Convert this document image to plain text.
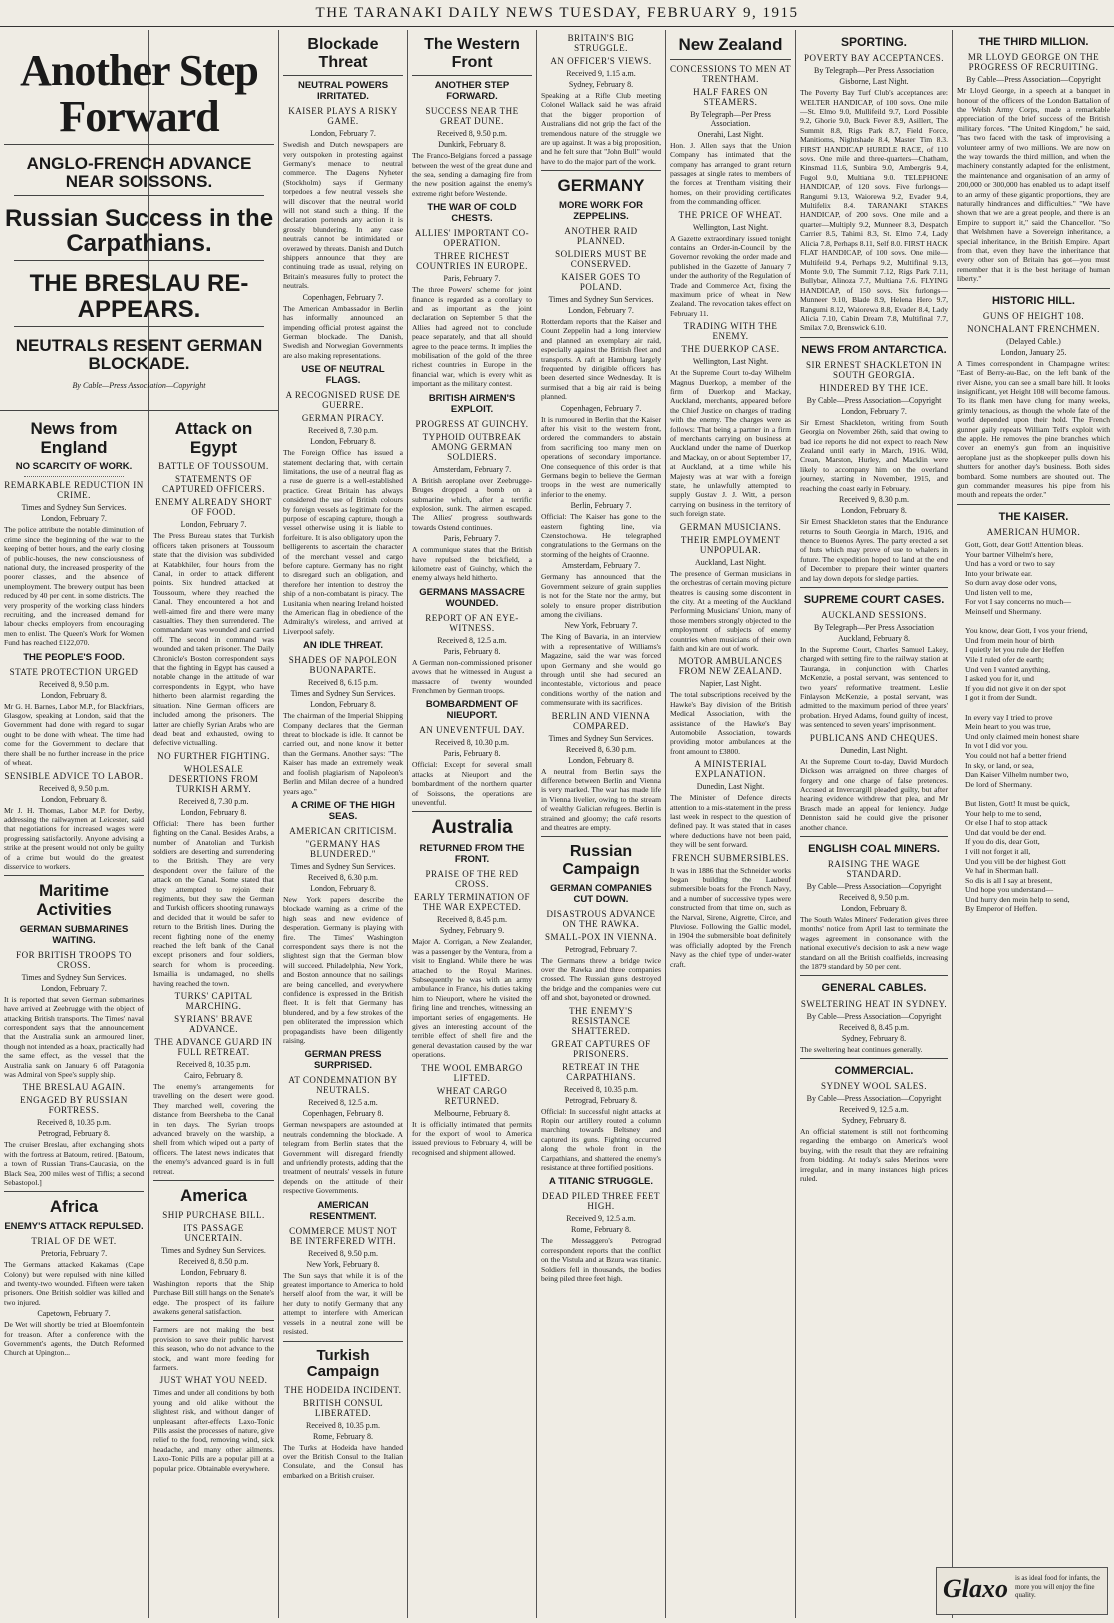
THE TARANAKI DAILY NEWS TUESDAY, FEBRUARY 9, 1915
Another Step Forward
ANGLO-FRENCH ADVANCE NEAR SOISSONS.
Russian Success in the Carpathians.
THE BRESLAU RE-APPEARS.
NEUTRALS RESENT GERMAN BLOCKADE.
By Cable—Press Association—Copyright
News from England
NO SCARCITY OF WORK.
REMARKABLE REDUCTION IN CRIME.
Times and Sydney Sun Services.
London, February 7.
The police attribute the notable diminution of crime since the beginning of the war to the keeping of better hours, and the early closing of public-houses, the new consciousness of national duty, the increased prosperity of the poorer classes, and the absence of unemployment. The brewery output has been reduced by 40 per cent. in some districts. The very prosperity of the working class hinders recruiting, and the increased demand for labour checks employers from encouraging men to enlist. The Queen's Work for Women Fund has reached £122,070.
THE PEOPLE'S FOOD.
STATE PROTECTION URGED
Received 8, 9.50 p.m.
London, February 8.
Mr G. H. Barnes, Labor M.P., for Blackfriars, Glasgow, speaking at London, said that the Government had done with regard to sugar ought to be done with wheat. The time had come for the Government to declare that there shall be no further increase in the price of wheat.
SENSIBLE ADVICE TO LABOR.
Received 8, 9.50 p.m.
London, February 8.
Mr J. H. Thomas, Labor M.P. for Derby, addressing the railwaymen at Leicester, said that negotiations for increased wages were progressing satisfactorily. Anyone advising a strike at the present would not only be guilty of a crime but would do the greatest disservice to workers.
Maritime Activities
GERMAN SUBMARINES WAITING.
FOR BRITISH TROOPS TO CROSS.
Times and Sydney Sun Services.
London, February 7.
It is reported that seven German submarines have arrived at Zeebrugge with the object of attacking British transports. The Times' naval correspondent says that the announcement that the Australia sunk an armoured liner, though not intended as a hoax, practically had the same effect, as the vessel that the Australia sank on January 6 off Patagonia was Admiral von Spee's supply ship.
THE BRESLAU AGAIN.
ENGAGED BY RUSSIAN FORTRESS.
Received 8, 10.35 p.m.
Petrograd, February 8.
The cruiser Breslau, after exchanging shots with the fortress at Batoum, retired. [Batoum, a town of Russian Trans-Caucasia, on the Black Sea, 200 miles west of Tiflis; a second Sebastopol.]
Africa
ENEMY'S ATTACK REPULSED.
TRIAL OF DE WET.
Pretoria, February 7.
The Germans attacked Kakamas (Cape Colony) but were repulsed with nine killed and twenty-two wounded. Fifteen were taken prisoners. One British soldier was killed and two injured.
Capetown, February 7.
De Wet will shortly be tried at Bloemfontein for treason. After a conference with the Government's agents, the Dutch Reformed Church at Upington...
Attack on Egypt
BATTLE OF TOUSSOUM.
STATEMENTS OF CAPTURED OFFICERS.
ENEMY ALREADY SHORT OF FOOD.
London, February 7.
The Press Bureau states that Turkish officers taken prisoners at Toussoum state that the division was subdivided at Katabkhiler, four hours from the Canal, in order to attack different points. Six hundred attacked at Toussoum, where they reached the Canal. They encountered a hot and well-aimed fire and there were many casualties. They then surrendered. The commandant was wounded and carried off. The second in command was wounded and taken prisoner. The Daily Chronicle's Boston correspondent says that the fighting in Egypt has caused a notable change in the attitude of war correspondents in Egypt, who have hitherto been alarmist regarding the situation. Nine German officers are included among the prisoners. The latter are chiefly Syrian Arabs who are dead beat and exhausted, owing to defective victualling.
NO FURTHER FIGHTING.
WHOLESALE DESERTIONS FROM TURKISH ARMY.
Received 8, 7.30 p.m.
London, February 8.
Official: There has been further fighting on the Canal. Besides Arabs, a number of Anatolian and Turkish soldiers are deserting and surrendering to the British. They are very despondent over the failure of the attack on the Canal. Some stated that they attempted to rejoin their regiments, but they saw the German and Turkish officers shooting runaways and decided that it would be safer to return to the British lines. During the recent fighting none of the enemy reached the left bank of the Canal except prisoners and four soldiers, search for whom is proceeding. Ismailia is undamaged, no shells having reached the town.
TURKS' CAPITAL MARCHING.
SYRIANS' BRAVE ADVANCE.
THE ADVANCE GUARD IN FULL RETREAT.
Received 8, 10.35 p.m.
Cairo, February 8.
The enemy's arrangements for travelling on the desert were good. They marched well, covering the distance from Beersheba to the Canal in ten days. The Syrian troops advanced bravely on the warship, a shell from which wiped out a party of officers. The latest news indicates that the enemy's advanced guard is in full retreat.
America
SHIP PURCHASE BILL.
ITS PASSAGE UNCERTAIN.
Times and Sydney Sun Services.
Received 8, 8.50 p.m.
London, February 8.
Washington reports that the Ship Purchase Bill still hangs on the Senate's edge. The prospect of its failure awakens general satisfaction.
Farmers are not making the best provision to save their public harvest this season, who do not advance to the stock, and want more feeding for farmers.
JUST WHAT YOU NEED.
Times and under all conditions by both young and old alike without the slightest risk, and without danger of unpleasant after-effects Laxo-Tonic Pills assist the processes of nature, give relief to the food, removing wind, sick headache, and many other ailments. Laxo-Tonic Pills are a popular pill at a popular price. Obtainable everywhere.
Blockade Threat
NEUTRAL POWERS IRRITATED.
KAISER PLAYS A RISKY GAME.
London, February 7.
Swedish and Dutch newspapers are very outspoken in protesting against Germany's menace to neutral commerce. The Dagens Nyheter (Stockholm) says if Germany torpedoes a few neutral vessels she will discover that the neutral world will not stand such a thing. If the declaration portends any action it is grossly blundering. In any case neutrals cannot be intimidated or overawed by threats. Danish and Dutch shippers announce that they are continuing trade as usual, relying on Britain's measures fully to protect the neutrals.
Copenhagen, February 7.
The American Ambassador in Berlin has informally announced an impending official protest against the German blockade. The Danish, Swedish and Norwegian Governments are also making representations.
USE OF NEUTRAL FLAGS.
A RECOGNISED RUSE DE GUERRE.
GERMAN PIRACY.
Received 8, 7.30 p.m.
London, February 8.
The Foreign Office has issued a statement declaring that, with certain limitations, the use of a neutral flag as a ruse de guerre is a well-established practice. Great Britain has always considered the use of British colours by foreign vessels as legitimate for the purpose of escaping capture, though a vessel otherwise using it is liable to forfeiture. It is also obligatory upon the belligerents to ascertain the character of the merchant vessel and cargo before capture. Germany has no right to disregard such an obligation, and therefore her intention to destroy the ship of a non-combatant is piracy. The Lusitania when nearing Ireland hoisted the American flag in obedience of the Admiralty's wireless, and arrived at Liverpool safely.
AN IDLE THREAT.
SHADES OF NAPOLEON BUONAPARTE.
Received 8, 6.15 p.m.
Times and Sydney Sun Services.
London, February 8.
The chairman of the Imperial Shipping Company declares that the German threat to blockade is idle. It cannot be carried out, and none know it better than the Germans. Another says: "The Kaiser has made an extremely weak and foolish plagiarism of Napoleon's Berlin and Milan decree of a hundred years ago."
A CRIME OF THE HIGH SEAS.
AMERICAN CRITICISM.
"GERMANY HAS BLUNDERED."
Times and Sydney Sun Services.
Received 8, 6.30 p.m.
London, February 8.
New York papers describe the blockade warning as a crime of the high seas and new evidence of desperation. Germany is playing with fire. The Times' Washington correspondent says there is not the slightest sign that the German blow will succeed. Philadelphia, New York, and Boston announce that no sailings are being cancelled, and everywhere confidence is expressed in the British fleet. It is felt that Germany has blundered, and by a few strokes of the pen obliterated the impression which propagandists have been diligently raising.
GERMAN PRESS SURPRISED.
AT CONDEMNATION BY NEUTRALS.
Received 8, 12.5 a.m.
Copenhagen, February 8.
German newspapers are astounded at neutrals condemning the blockade. A telegram from Berlin states that the Government will disregard friendly and unfriendly protests, adding that the treatment of neutrals' vessels in future depends on the attitude of their respective Governments.
AMERICAN RESENTMENT.
COMMERCE MUST NOT BE INTERFERED WITH.
Received 8, 9.50 p.m.
New York, February 8.
The Sun says that while it is of the greatest importance to America to hold herself aloof from the war, it will be her duty to notify Germany that any attempt to interfere with American vessels in a neutral zone will be resisted.
Turkish Campaign
THE HODEIDA INCIDENT.
BRITISH CONSUL LIBERATED.
Received 8, 10.35 p.m.
Rome, February 8.
The Turks at Hodeida have handed over the British Consul to the Italian Consulate, and the Consul has embarked on a British cruiser.
The Western Front
ANOTHER STEP FORWARD.
SUCCESS NEAR THE GREAT DUNE.
Received 8, 9.50 p.m.
Dunkirk, February 8.
The Franco-Belgians forced a passage between the west of the great dune and the sea, sending a damaging fire from the new position against the enemy's extreme right before Westende.
THE WAR OF COLD CHESTS.
ALLIES' IMPORTANT CO-OPERATION.
THREE RICHEST COUNTRIES IN EUROPE.
Paris, February 7.
The three Powers' scheme for joint finance is regarded as a corollary to and as important as the joint declaration on September 5 that the Allies had agreed not to conclude peace separately, and that all should agree to the peace terms. It implies the mobilisation of the gold of the three richest countries in Europe in the financial war, which is every whit as important as the military contest.
BRITISH AIRMEN'S EXPLOIT.
PROGRESS AT GUINCHY.
TYPHOID OUTBREAK AMONG GERMAN SOLDIERS.
Amsterdam, February 7.
A British aeroplane over Zeebrugge-Bruges dropped a bomb on a submarine which, after a terrific explosion, sunk. The airmen escaped. The Allies' progress southwards towards Ostend continues.
Paris, February 7.
A communique states that the British have repulsed the brickfield, a kilometre east of Guinchy, which the enemy always held hitherto.
GERMANS MASSACRE WOUNDED.
REPORT OF AN EYE-WITNESS.
Received 8, 12.5 a.m.
Paris, February 8.
A German non-commissioned prisoner avows that he witnessed in August a massacre of twenty wounded Frenchmen by German troops.
BOMBARDMENT OF NIEUPORT.
AN UNEVENTFUL DAY.
Received 8, 10.30 p.m.
Paris, February 8.
Official: Except for several small attacks at Nieuport and the bombardment of the northern quarter of Soissons, the operations are uneventful.
Australia
RETURNED FROM THE FRONT.
PRAISE OF THE RED CROSS.
EARLY TERMINATION OF THE WAR EXPECTED.
Received 8, 8.45 p.m.
Sydney, February 9.
Major A. Corrigan, a New Zealander, was a passenger by the Ventura, from a visit to England. While there he was attached to the Royal Marines. Subsequently he was with an army ambulance in France, his duties taking him to Nieuport, where he visited the firing line and trenches, witnessing an important series of engagements. He gives an interesting account of the terrible effect of shell fire and the general devastation caused by the war operations.
THE WOOL EMBARGO LIFTED.
WHEAT CARGO RETURNED.
Melbourne, February 8.
It is officially intimated that permits for the export of wool to America issued previous to February 4, will be recognised and shipment allowed.
BRITAIN'S BIG STRUGGLE.
AN OFFICER'S VIEWS.
Received 9, 1.15 a.m.
Sydney, February 8.
Speaking at a Rifle Club meeting Colonel Wallack said he was afraid that the bigger proportion of Australians did not grip the fact of the tremendous nature of the struggle we are up against. It was a big proposition, and he felt sure that "John Bull" would have to do the major part of the work.
GERMANY
MORE WORK FOR ZEPPELINS.
ANOTHER RAID PLANNED.
SOLDIERS MUST BE CONSERVED.
KAISER GOES TO POLAND.
Times and Sydney Sun Services.
London, February 7.
Rotterdam reports that the Kaiser and Count Zeppelin had a long interview and planned an exemplary air raid, especially against the British fleet and transports. A raft at Hamburg largely frequented by dirigible officers has been deserted since Wednesday. It is surmised that a big air raid is being planned.
Copenhagen, February 7.
It is rumoured in Berlin that the Kaiser after his visit to the western front, ordered the commanders to abstain from sacrificing too many men on operations of secondary importance. One consequence of this order is that Germans begin to believe the German troops in the west are numerically inferior to the enemy.
Berlin, February 7.
Official: The Kaiser has gone to the eastern fighting line, via Czenstochowa. He telegraphed congratulations to the Germans on the storming of the heights of Craonne.
Amsterdam, February 7.
Germany has announced that the Government seizure of grain supplies is not for the State nor the army, but solely to ensure proper distribution among the civilians.
New York, February 7.
The King of Bavaria, in an interview with a representative of Williams's Magazine, said the war was forced upon Germany and she would go through until she had secured an incontestable, victorious and peace conditions worthy of the nation and commensurate with its sacrifices.
BERLIN AND VIENNA COMPARED.
Times and Sydney Sun Services.
Received 8, 6.30 p.m.
London, February 8.
A neutral from Berlin says the difference between Berlin and Vienna is very marked. The war has made life in Vienna livelier, owing to the stream of wealthy Galician refugees. Berlin is strained and gloomy; the café resorts and theatres are empty.
Russian Campaign
GERMAN COMPANIES CUT DOWN.
DISASTROUS ADVANCE ON THE RAWKA.
SMALL-POX IN VIENNA.
Petrograd, February 7.
The Germans threw a bridge twice over the Rawka and three companies crossed. The Russian guns destroyed the bridge and the companies were cut off and shot, bayoneted or drowned.
THE ENEMY'S RESISTANCE SHATTERED.
GREAT CAPTURES OF PRISONERS.
RETREAT IN THE CARPATHIANS.
Received 8, 10.35 p.m.
Petrograd, February 8.
Official: In successful night attacks at Ropin our artillery routed a column marching towards Beltsney and captured its guns. Fighting occurred along the whole front in the Carpathians, and shattered the enemy's resistance at three fortified positions.
A TITANIC STRUGGLE.
DEAD PILED THREE FEET HIGH.
Received 9, 12.5 a.m.
Rome, February 8.
The Messaggero's Petrograd correspondent reports that the conflict on the Vistula and at Bzura was titanic. Soldiers fell in thousands, the bodies being piled three feet high.
New Zealand
CONCESSIONS TO MEN AT TRENTHAM.
HALF FARES ON STEAMERS.
By Telegraph—Per Press Association.
Onerahi, Last Night.
Hon. J. Allen says that the Union Company has intimated that the company has arranged to grant return passages at single rates to members of the forces at Trentham visiting their homes, on their providing certificates from the commanding officer.
THE PRICE OF WHEAT.
Wellington, Last Night.
A Gazette extraordinary issued tonight contains an Order-in-Council by the Governor revoking the order made and published in the Gazette of January 7 under the authority of the Regulation of Trade and Commerce Act, fixing the maximum price of wheat in New Zealand. The revocation takes effect on February 11.
TRADING WITH THE ENEMY.
THE DUERKOP CASE.
Wellington, Last Night.
At the Supreme Court to-day Wilhelm Magnus Duerkop, a member of the firm of Duerkop and Mackay, Auckland, merchants, appeared before the Chief Justice on charges of trading with the enemy. The charges were as follows: That being a partner in a firm of merchants carrying on business at Auckland under the name of Duerkop and Mackay, on or about September 17, at Auckland, at a time while his Majesty was at war with a foreign state, he unlawfully attempted to supply Gustav J. J. Witt, a person carrying on business in the territory of such foreign state.
GERMAN MUSICIANS.
THEIR EMPLOYMENT UNPOPULAR.
Auckland, Last Night.
The presence of German musicians in the orchestras of certain moving picture theatres is causing some discontent in the city. At a meeting of the Auckland Performing Musicians' Union, many of those members strongly objected to the employment of subjects of enemy countries when musicians of their own faith and kin are out of work.
MOTOR AMBULANCES FROM NEW ZEALAND.
Napier, Last Night.
The total subscriptions received by the Hawke's Bay division of the British Medical Association, with the assistance of the Hawke's Bay Automobile Association, towards providing motor ambulances at the front amount to £3800.
A MINISTERIAL EXPLANATION.
Dunedin, Last Night.
The Minister of Defence directs attention to a mis-statement in the press last week in respect to the question of defined pay. It was stated that in cases where deductions have not been paid, they will be sent forward.
FRENCH SUBMERSIBLES.
It was in 1886 that the Schneider works began building the Laubeuf submersible boats for the French Navy, and a number of successive types were constructed from that time on, such as the Narval, Sirene, Aigrette, Circe, and Pluviose. Following the Gallic model, in 1904 the submersible boat definitely was officially adopted by the French Navy as the chief type of under-water craft.
SPORTING.
POVERTY BAY ACCEPTANCES.
By Telegraph—Per Press Association
Gisborne, Last Night.
The Poverty Bay Turf Club's acceptances are: WELTER HANDICAP, of 100 sovs. One mile—St. Elmo 9.0, Mullifeild 9.7, Lord Possible 9.2, Ghorie 9.0, Buck Fever 8.9, Asillert, The Summit 8.8, Rigs Park 8.7, Field Force, Manitioms, Nightshade 8.4, Master Tim 8.3. FIRST HANDICAP HURDLE RACE, of 110 sovs. One mile and three-quarters—Chatham, Kinsmad 11.6, Sunbira 9.0, Ambergris 9.4, Fugol 9.0, Multiana 9.0. TELEPHONE HANDICAP, of 120 sovs. Five furlongs—Rangumi 9.13, Waiorewa 9.2, Evader 9.4, Multifelix 8.4. TARANAKI STAKES HANDICAP, of 200 sovs. One mile and a quarter—Multiply 9.2, Munneer 8.3, Despatch Carrier 8.5, Tahimi 8.3, St. Elmo 7.4, Lady Alicia 7.8, Perhaps 8.11, Self 8.0. FIRST HACK FLAT HANDICAP, of 100 sovs. One mile—Multifeild 9.4, Perhaps 9.2, Multifinal 9.13, Monte 9.0, The Summit 7.12, Rigs Park 7.11, Bullybar, Alinoza 7.7, Multiana 7.6. FLYING HANDICAP, of 150 sovs. Six furlongs—Munneer 9.10, Blade 8.9, Helena Hero 9.7, Rangumi 8.12, Waiorewa 8.8, Evader 8.4, Lady Alicia 7.10, Cabin Dream 7.8, Multifinal 7.7, Smilax 7.0, Brenswick 6.10.
NEWS FROM ANTARCTICA.
SIR ERNEST SHACKLETON IN SOUTH GEORGIA.
HINDERED BY THE ICE.
By Cable—Press Association—Copyright
London, February 7.
Sir Ernest Shackleton, writing from South Georgia on November 26th, said that owing to bad ice reports he did not expect to reach New Zealand until early in March, 1916. Wild, Crean, Marston, Hurley, and Macklin were likely to accompany him on the overland journey, starting in November, 1915, and reaching the coast early in February.
Received 9, 8.30 p.m.
London, February 8.
Sir Ernest Shackleton states that the Endurance returns to South Georgia in March, 1916, and thence to Buenos Ayres. The party erected a set of huts which may prove of use to whalers in future. The expedition hoped to land at the end of December to prepare their winter quarters and lay down depots for sledge parties.
SUPREME COURT CASES.
AUCKLAND SESSIONS.
By Telegraph—Per Press Association
Auckland, February 8.
In the Supreme Court, Charles Samuel Lakey, charged with setting fire to the railway station at Tauranga, in conjunction with Charles McKenzie, a postal servant, was sentenced to two years' reformative treatment. Leslie Finlayson McKenzie, a postal servant, was admitted to the maximum period of three years' probation. Hryed Adams, found guilty of incest, was sentenced to seven years' imprisonment.
PUBLICANS AND CHEQUES.
Dunedin, Last Night.
At the Supreme Court to-day, David Murdoch Dickson was arraigned on three charges of forgery and one charge of false pretences. Accused at Invercargill pleaded guilty, but after hearing evidence withdrew that plea, and Mr Brasch made an appeal for leniency. Judge Denniston said he could give the prisoner another chance.
ENGLISH COAL MINERS.
RAISING THE WAGE STANDARD.
By Cable—Press Association—Copyright
Received 8, 9.50 p.m.
London, February 8.
The South Wales Miners' Federation gives three months' notice from April last to terminate the wages agreement in consonance with the national executive's decision to ask a new wage standard on all the British coalfields, increasing the 1879 standard by 50 per cent.
GENERAL CABLES.
SWELTERING HEAT IN SYDNEY.
By Cable—Press Association—Copyright
Received 8, 8.45 p.m.
Sydney, February 8.
The sweltering heat continues generally.
COMMERCIAL.
SYDNEY WOOL SALES.
By Cable—Press Association—Copyright
Received 9, 12.5 a.m.
Sydney, February 8.
An official statement is still not forthcoming regarding the embargo on America's wool buying, with the result that they are refraining from bidding. At today's sales Merinos were irregular, and in many instances high prices ruled.
THE THIRD MILLION.
MR LLOYD GEORGE ON THE PROGRESS OF RECRUITING.
By Cable—Press Association—Copyright
Mr Lloyd George, in a speech at a banquet in honour of the officers of the London Battalion of the Welsh Army Corps, made a remarkable appreciation of the brief success of the British military forces. "The United Kingdom," he said, "has two faced with the task of improvising a volunteer army of two millions. We are now on the way towards the third million, and when the machinery constantly adapted for the enlistment, the maintenance and organisation of an army of 200,000 or 300,000 has enabled us to adapt itself to an army of these gigantic proportions, they are naturally hindrances and difficulties." "We have shown that we are a great people, and there is an Empire to support it," said the Chancellor. "So that Welshmen have a Sovereign inheritance, a special inheritance, in the British Empire. Apart from that, even they have the inheritance that every other son of Britain has got—you must remember that it is the best heritage of human liberty."
HISTORIC HILL.
GUNS OF HEIGHT 108.
NONCHALANT FRENCHMEN.
(Delayed Cable.)
London, January 25.
A Times correspondent in Champagne writes: "East of Berry-au-Bac, on the left bank of the river Aisne, you can see a small bare hill. It looks insignificant, yet Height 108 will become famous. To its flank men have clung for many weeks, grimly tenacious, as though the whole fate of the world depended upon their hold. The French gunner gaily repeats William Tell's exploit with the apple. He removes the pine branches which cover an enemy's gun from an inquisitive aeroplane just as the shopkeeper pulls down his shutters for another day's business. Both sides bombard. Some numbers are shouted out. The gun commander measures his pipe from his mouth and repeats the order."
THE KAISER.
AMERICAN HUMOR.
Gott, Gott, dear Gott! Attention bleas.
Your bartner Vilhelm's here,
Und has a vord or two to say
Into your briwate ear.
So durn avay dose oder vons,
Und listen vell to me,
For vot I say concerns no much—
Meinself und Shermany.

You know, dear Gott, I vos your friend,
Und from mein hour of birth
I quietly let you rule der Heffen
Vile I ruled ofer de earth;
Und ven I vanted anything,
I asked you for it, und
If you did not give it on der spot
I got it from der Sundt.

In every vay I tried to prove
Mein heart to you was true,
Und only claimed mein honest share
In vot I did vor you.
You could not haf a better friend
In sky, or land, or sea,
Dan Kaiser Vilhelm number two,
De lord of Shermany.

But listen, Gott! It must be quick,
Your help to me to send,
Or else I haf to stop attack
Und dat vould be der end.
If you do dis, dear Gott,
I vill not forget it all,
Und you vill be der highest Gott
Ve haf in Sherman hall.
So dis is all I say at bresent,
Und hope you understand—
Und hurry den mein help to send,
By Emperor of Heffen.
Glaxo is as ideal food for infants, the more you will enjoy the fine quality.
